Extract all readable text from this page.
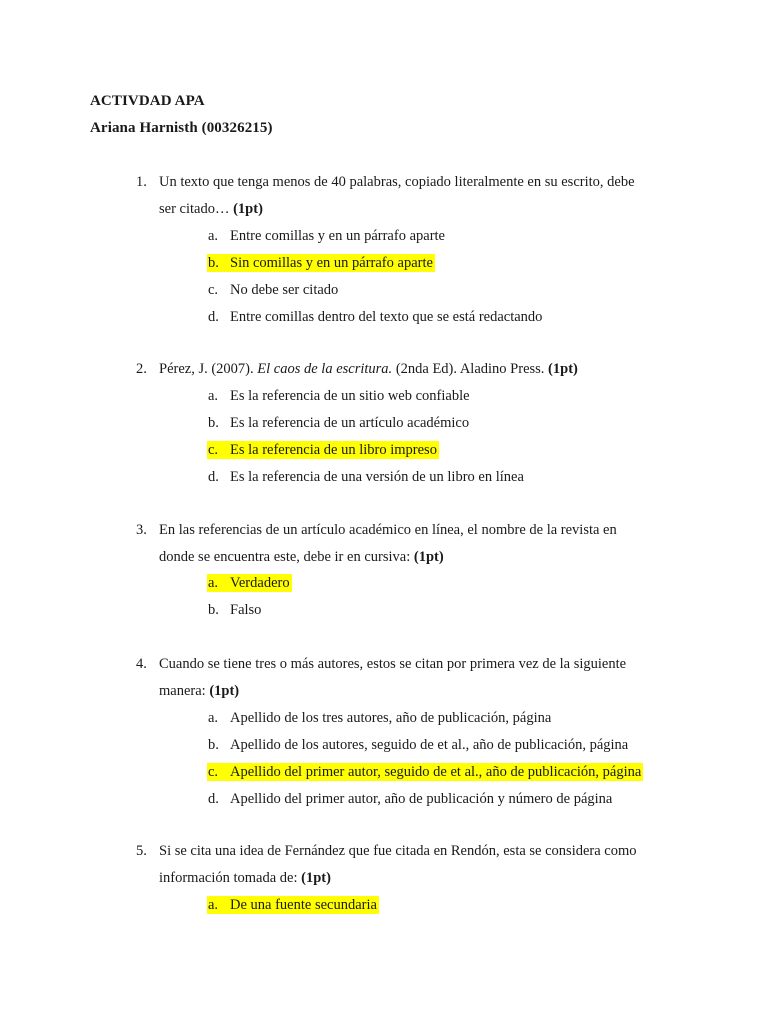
ACTIVDAD APA
Ariana Harnisth (00326215)
1. Un texto que tenga menos de 40 palabras, copiado literalmente en su escrito, debe
ser citado… (1pt)
a. Entre comillas y en un párrafo aparte
b. Sin comillas y en un párrafo aparte
c. No debe ser citado
d. Entre comillas dentro del texto que se está redactando
2. Pérez, J. (2007). El caos de la escritura. (2nda Ed). Aladino Press. (1pt)
a. Es la referencia de un sitio web confiable
b. Es la referencia de un artículo académico
c. Es la referencia de un libro impreso
d. Es la referencia de una versión de un libro en línea
3. En las referencias de un artículo académico en línea, el nombre de la revista en
donde se encuentra este, debe ir en cursiva: (1pt)
a. Verdadero
b. Falso
4. Cuando se tiene tres o más autores, estos se citan por primera vez de la siguiente
manera: (1pt)
a. Apellido de los tres autores, año de publicación, página
b. Apellido de los autores, seguido de et al., año de publicación, página
c. Apellido del primer autor, seguido de et al., año de publicación, página
d. Apellido del primer autor, año de publicación y número de página
5. Si se cita una idea de Fernández que fue citada en Rendón, esta se considera como
información tomada de: (1pt)
a. De una fuente secundaria
